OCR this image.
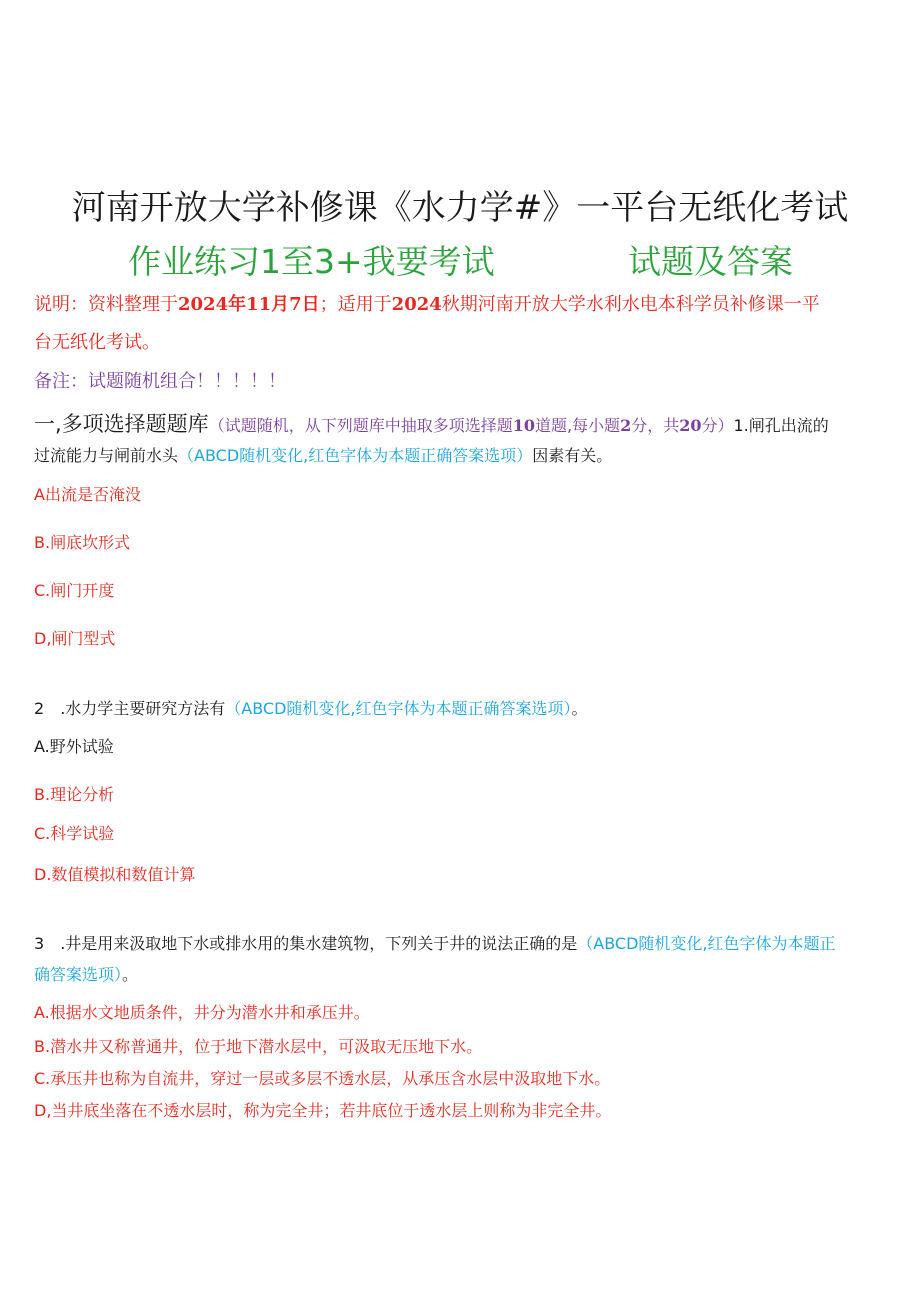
河南开放大学补修课《水力学#》一平台无纸化考试
作业练习1至3+我要考试	试题及答案
说明：资料整理于2024年11月7日；适用于2024秋期河南开放大学水利水电本科学员补修课一平
台无纸化考试。
备注：试题随机组合！！！！！
一,多项选择题题库（试题随机，从下列题库中抽取多项选择题10道题,每小题2分，共20分）1.闸孔出流的
过流能力与闸前水头（ABCD随机变化,红色字体为本题正确答案选项）因素有关。
A出流是否淹没
B.闸底坎形式
C.闸门开度
D,闸门型式
2 .水力学主要研究方法有（ABCD随机变化,红色字体为本题正确答案选项）。
A.野外试验
B.理论分析
C.科学试验
D.数值模拟和数值计算
3 .井是用来汲取地下水或排水用的集水建筑物，下列关于井的说法正确的是（ABCD随机变化,红色字体为本题正
确答案选项）。
A.根据水文地质条件，井分为潜水井和承压井。
B.潜水井又称普通井，位于地下潜水层中，可汲取无压地下水。
C.承压井也称为自流井，穿过一层或多层不透水层，从承压含水层中汲取地下水。
D,当井底坐落在不透水层时，称为完全井；若井底位于透水层上则称为非完全井。
